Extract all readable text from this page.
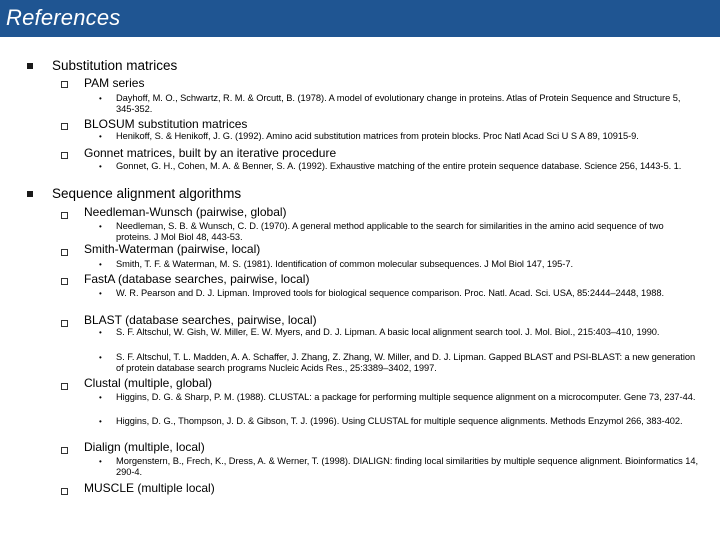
References
Substitution matrices
PAM series
• Dayhoff, M. O., Schwartz, R. M. & Orcutt, B. (1978). A model of evolutionary change in proteins. Atlas of Protein Sequence and Structure 5, 345-352.
BLOSUM substitution matrices
• Henikoff, S. & Henikoff, J. G. (1992). Amino acid substitution matrices from protein blocks. Proc Natl Acad Sci U S A 89, 10915-9.
Gonnet matrices, built by an iterative procedure
• Gonnet, G. H., Cohen, M. A. & Benner, S. A. (1992). Exhaustive matching of the entire protein sequence database. Science 256, 1443-5. 1.
Sequence alignment algorithms
Needleman-Wunsch (pairwise, global)
• Needleman, S. B. & Wunsch, C. D. (1970). A general method applicable to the search for similarities in the amino acid sequence of two proteins. J Mol Biol 48, 443-53.
Smith-Waterman (pairwise, local)
• Smith, T. F. & Waterman, M. S. (1981). Identification of common molecular subsequences. J Mol Biol 147, 195-7.
FastA (database searches, pairwise, local)
• W. R. Pearson and D. J. Lipman. Improved tools for biological sequence comparison. Proc. Natl. Acad. Sci. USA, 85:2444–2448, 1988.
BLAST (database searches, pairwise, local)
• S. F. Altschul, W. Gish, W. Miller, E. W. Myers, and D. J. Lipman. A basic local alignment search tool. J. Mol. Biol., 215:403–410, 1990.
• S. F. Altschul, T. L. Madden, A. A. Schaffer, J. Zhang, Z. Zhang, W. Miller, and D. J. Lipman. Gapped BLAST and PSI-BLAST: a new generation of protein database search programs Nucleic Acids Res., 25:3389–3402, 1997.
Clustal (multiple, global)
• Higgins, D. G. & Sharp, P. M. (1988). CLUSTAL: a package for performing multiple sequence alignment on a microcomputer. Gene 73, 237-44.
• Higgins, D. G., Thompson, J. D. & Gibson, T. J. (1996). Using CLUSTAL for multiple sequence alignments. Methods Enzymol 266, 383-402.
Dialign (multiple, local)
• Morgenstern, B., Frech, K., Dress, A. & Werner, T. (1998). DIALIGN: finding local similarities by multiple sequence alignment. Bioinformatics 14, 290-4.
MUSCLE (multiple local)
